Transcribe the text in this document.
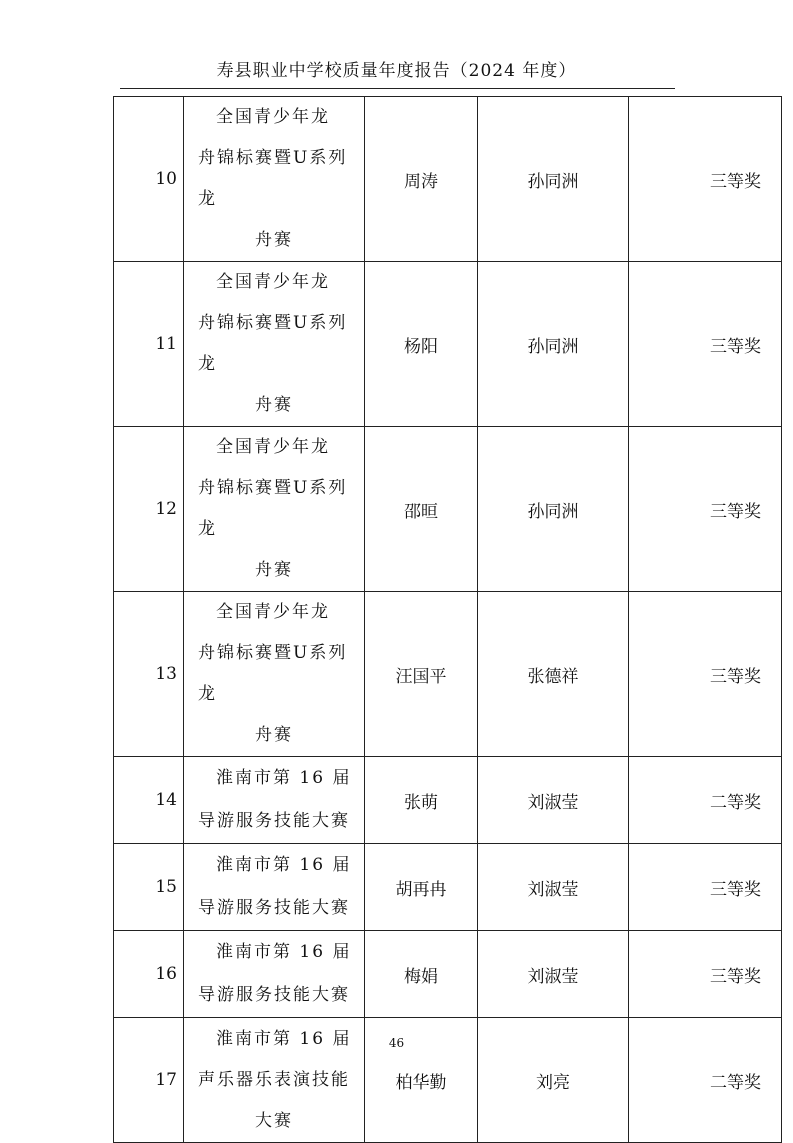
寿县职业中学校质量年度报告（2024 年度）
10	全国青少年龙
舟锦标赛暨U系列龙
舟赛	周涛	孙同洲	三等奖
11	全国青少年龙
舟锦标赛暨U系列龙
舟赛	杨阳	孙同洲	三等奖
12	全国青少年龙
舟锦标赛暨U系列龙
舟赛	邵晅	孙同洲	三等奖
13	全国青少年龙
舟锦标赛暨U系列龙
舟赛	汪国平	张德祥	三等奖
14	淮南市第 16 届
导游服务技能大赛	张萌	刘淑莹	二等奖
15	淮南市第 16 届
导游服务技能大赛	胡再冉	刘淑莹	三等奖
16	淮南市第 16 届
导游服务技能大赛	梅娟	刘淑莹	三等奖
17	淮南市第 16 届
声乐器乐表演技能
大赛	柏华勤	刘亮	二等奖
46
